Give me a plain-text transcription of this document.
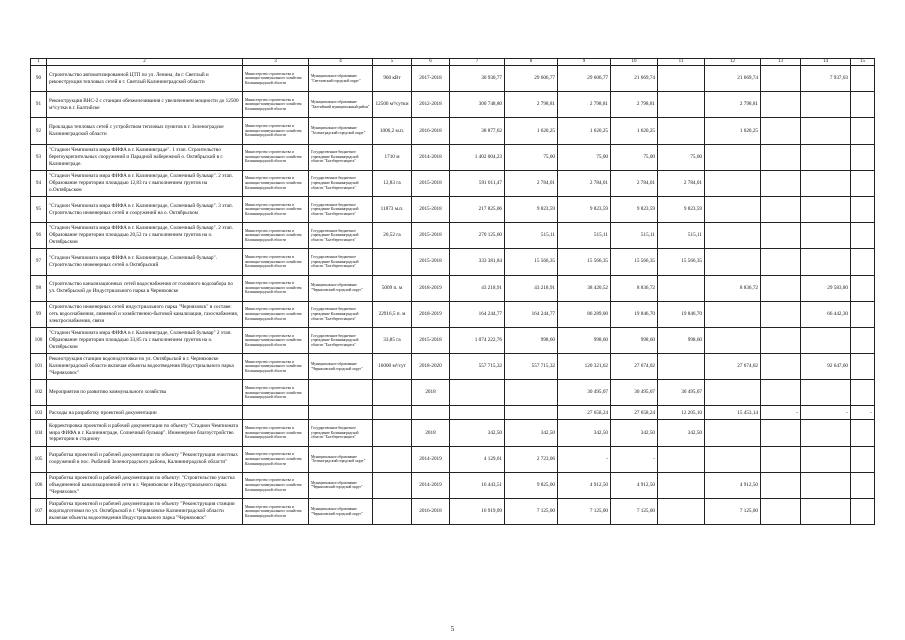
1	2	3	4	5	6	7	8	9	10	11	12	13	14	15
90	Строительство автоматизированной ЦТП по ул. Ленина, 4в г. Светлый и реконструкция тепловых сетей в г. Светлый Калининградской области	Министерство строительства и жилищно-коммунального хозяйства Калининградской области	Муниципальное образование "Светловский городской округ"	960 кВт	2017-2018	30 930,77	29 606,77	29 606,77	21 669,74		21 669,74		7 937,03	
91	Реконструкция ВНС-2 с станции обезжелезивания с увеличением мощности до 12500 м³/сутки в г. Балтийске	Министерство строительства и жилищно-коммунального хозяйства Калининградской области	Муниципальное образование "Балтийский муниципальный район"	12500 м³/сутки	2012-2018	300 748,80	2 798,81	2 798,81	2 798,81		2 798,81			
92	Прокладка тепловых сетей с устройством тепловых пунктов в г. Зеленоградске Калининградской области	Министерство строительства и жилищно-коммунального хозяйства Калининградской области	Муниципальное образование "Зеленоградский городской округ"	1006,2 м.п.	2016-2018	38 877,62	1 620,25	1 620,25	1 620,25		1 620,25			
93	"Стадион Чемпионата мира ФИФА в г. Калининграде". 1 этап. Строительство берегоукрепительных сооружений и Парадной набережной о. Октябрьский в г. Калининграде.	Министерство строительства и жилищно-коммунального хозяйства Калининградской области	Государственное бюджетное учреждение Калининградской области "Балтберегозащита"	1710 м	2014-2018	1 402 004,23	75,00	75,00	75,00	75,00				
94	"Стадион Чемпионата мира ФИФА в г. Калининграде, Солнечный бульвар". 2 этап. Образование территории площадью 12,83 га с выполнением грунтов на о.Октябрьском	Министерство строительства и жилищно-коммунального хозяйства Калининградской области	Государственное бюджетное учреждение Калининградской области "Балтберегозащита"	12,83 га	2015-2018	591 011,47	2 784,01	2 784,01	2 784,01	2 784,01				
95	"Стадион Чемпионата мира ФИФА в г. Калининграде, Солнечный бульвар". 3 этап. Строительство инженерных сетей и сооружений на о. Октябрьском	Министерство строительства и жилищно-коммунального хозяйства Калининградской области	Государственное бюджетное учреждение Калининградской области "Балтберегозащита"	11873 м.п.	2015-2018	217 825,06	9 823,59	9 823,59	9 823,59	9 823,59				
96	"Стадион Чемпионата мира ФИФА в г. Калининграде, Солнечный бульвар". 2 этап. Образование территории площадью 20,52 га с выполнением грунтов на о. Октябрьском	Министерство строительства и жилищно-коммунального хозяйства Калининградской области	Государственное бюджетное учреждение Калининградской области "Балтберегозащита"	20,52 га	2015-2018	270 125,60	515,11	515,11	515,11	515,11				
97	"Стадион Чемпионата мира ФИФА в г. Калининграде, Солнечный бульвар". Строительство инженерных сетей о.Октябрьский	Министерство строительства и жилищно-коммунального хозяйства Калининградской области	Государственное бюджетное учреждение Калининградской области "Балтберегозащита"		2015-2018	333 381,84	15 566,35	15 566,35	15 566,35	15 566,35				
98	Строительство канализационных сетей водоснабжения от головного водозабора по ул. Октябрьской до Индустриального парка в Черняховске	Министерство строительства и жилищно-коммунального хозяйства Калининградской области	Муниципальное образование "Черняховский городской округ"	5009 п. м	2018-2019	43 218,91	43 218,91	38 420,52	8 836,72		8 836,72		29 583,80	
99	Строительство инженерных сетей индустриального парка "Черняховск" в составе: сеть водоснабжения, ливневой и хозяйственно-бытовой канализации, газоснабжения, электроснабжения, связи	Министерство строительства и жилищно-коммунального хозяйства Калининградской области	Государственное бюджетное учреждение Калининградской области "Балтберегозащита"	22916,5 п. м	2018-2019	164 244,77	164 244,77	86 289,00	19 846,70	19 846,70			66 442,30	
100	"Стадион Чемпионата мира ФИФА в г. Калининграде, Солнечный бульвар" 2 этап. Образование территории площадью 33,85 га с выполнением грунтов на о. Октябрьском	Министерство строительства и жилищно-коммунального хозяйства Калининградской области	Государственное бюджетное учреждение Калининградской области "Балтберегозащита"	33,85 га	2015-2018	1 074 222,76	998,60	998,60	998,60	998,60				
101	Реконструкция станции водоподготовки по ул. Октябрьской в г. Черняховске Калининградской области включая объекты водоотведения Индустриального парка "Черняховск"	Министерство строительства и жилищно-коммунального хозяйства Калининградской области	Муниципальное образование "Черняховский городской округ"	16000 м³/сут	2018-2020	557 715,32	557 715,32	120 321,62	27 674,02		27 674,02		92 647,60	
102	Мероприятия по развитию коммунального хозяйства	Министерство строительства и жилищно-коммунального хозяйства Калининградской области			2018			30 495,07	30 495,07	30 495,07				
103	Расходы на разработку проектной документации							27 658,24	27 658,24	12 205,10	15 453,14	-	-	-
104	Корректировка проектной и рабочей документации по объекту "Стадион Чемпионата мира ФИФА в г. Калининграде, Солнечный бульвар". Инженерное благоустройство территории в стадиону	Министерство строительства и жилищно-коммунального хозяйства Калининградской области	Государственное бюджетное учреждение Калининградской области "Балтберегозащита"		2018	342,50	342,50	342,50	342,50	342,50				
105	Разработка проектной и рабочей документации по объекту "Реконструкция очистных сооружений в пос. Рыбачий Зеленоградского района, Калининградской области"	Министерство строительства и жилищно-коммунального хозяйства Калининградской области	Муниципальное образование "Зеленоградский городской округ"		2014-2019	4 129,61	2 723,06	-	-					
106	Разработка проектной и рабочей документации по объекту: "Строительство участка объединенной канализационной сети в г. Черняховске и Индустриального парка "Черняховск"	Министерство строительства и жилищно-коммунального хозяйства Калининградской области	Муниципальное образование "Черняховский городской округ"		2014-2019	16 443,51	9 825,00	4 912,50	4 912,50		4 912,50			
107	Разработка проектной и рабочей документации по объекту "Реконструкция станции водоподготовки по ул. Октябрьской в г. Черняховске Калининградской области включая объекты водоотведения Индустриального парка "Черняховск"	Министерство строительства и жилищно-коммунального хозяйства Калининградской области	Муниципальное образование "Черняховский городской округ"		2016-2018	16 919,09	7 125,00	7 125,00	7 125,00		7 125,00			
5
